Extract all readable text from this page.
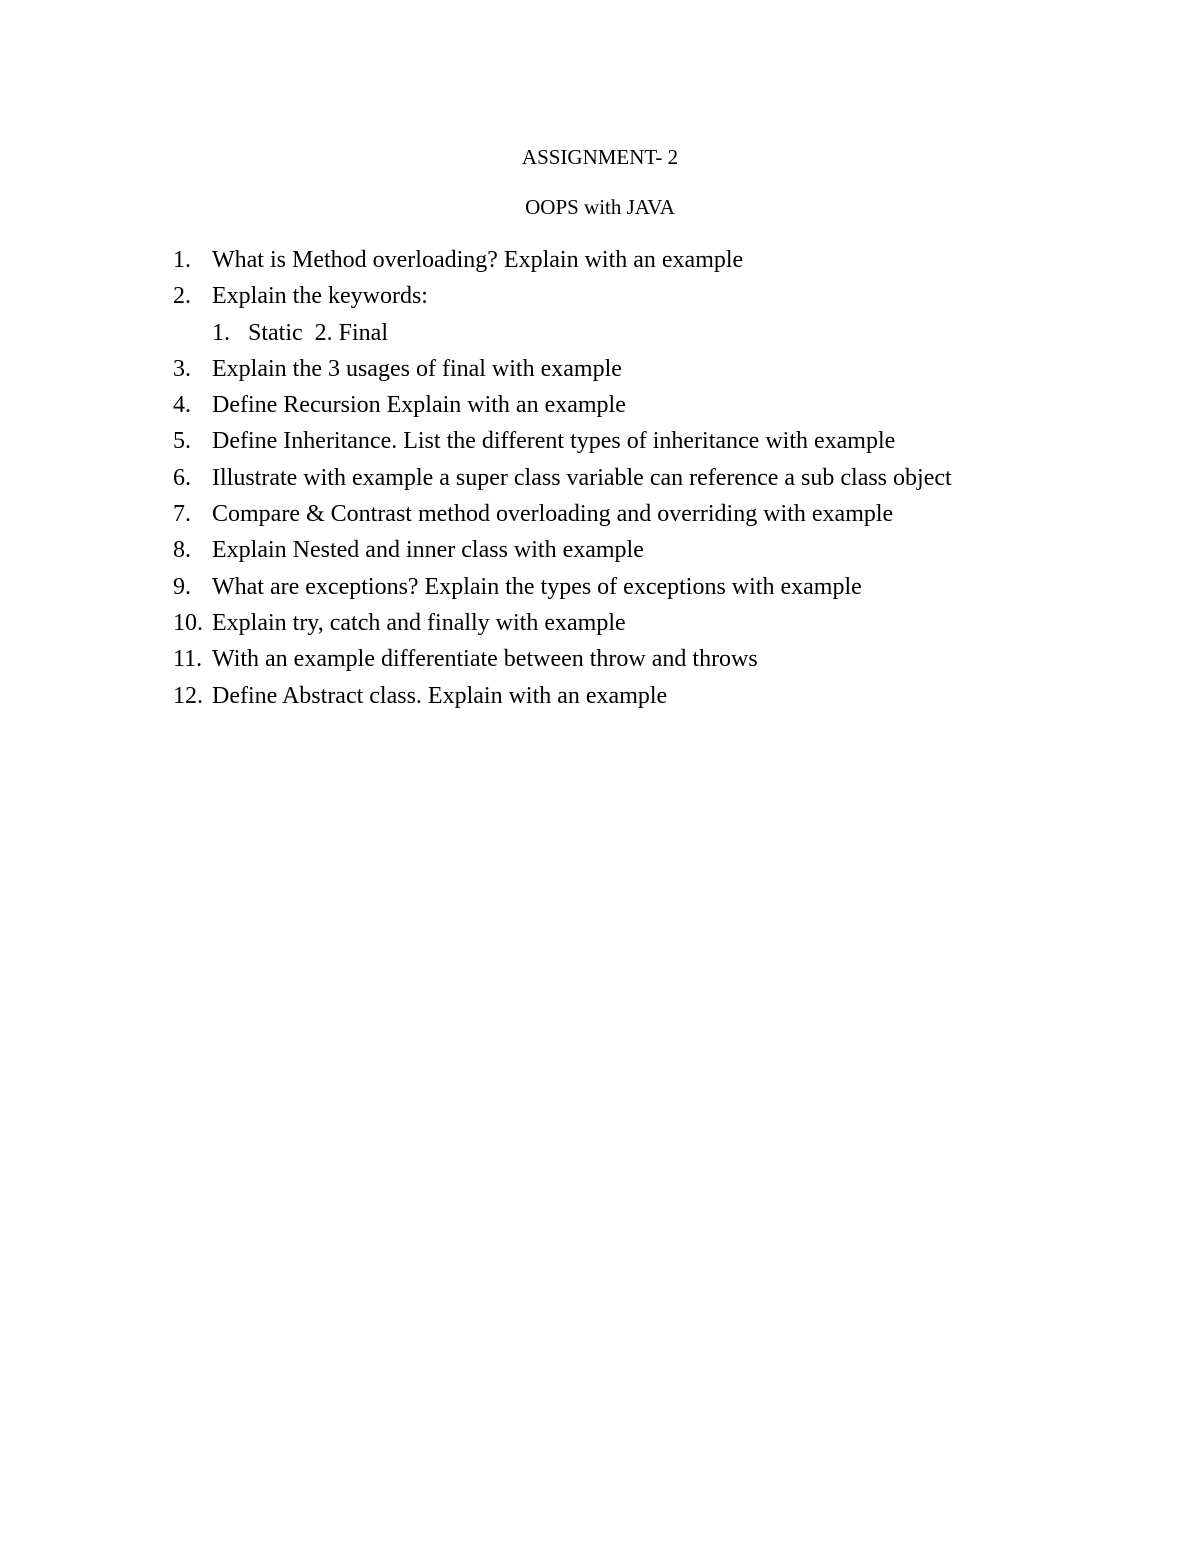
ASSIGNMENT- 2
OOPS with JAVA
1. What is Method overloading? Explain with an example
2. Explain the keywords:
1. Static 2. Final
3. Explain the 3 usages of final with example
4. Define Recursion Explain with an example
5. Define Inheritance. List the different types of inheritance with example
6. Illustrate with example a super class variable can reference a sub class object
7. Compare & Contrast method overloading and overriding with example
8. Explain Nested and inner class with example
9. What are exceptions? Explain the types of exceptions with example
10. Explain try, catch and finally with example
11. With an example differentiate between throw and throws
12. Define Abstract class. Explain with an example
